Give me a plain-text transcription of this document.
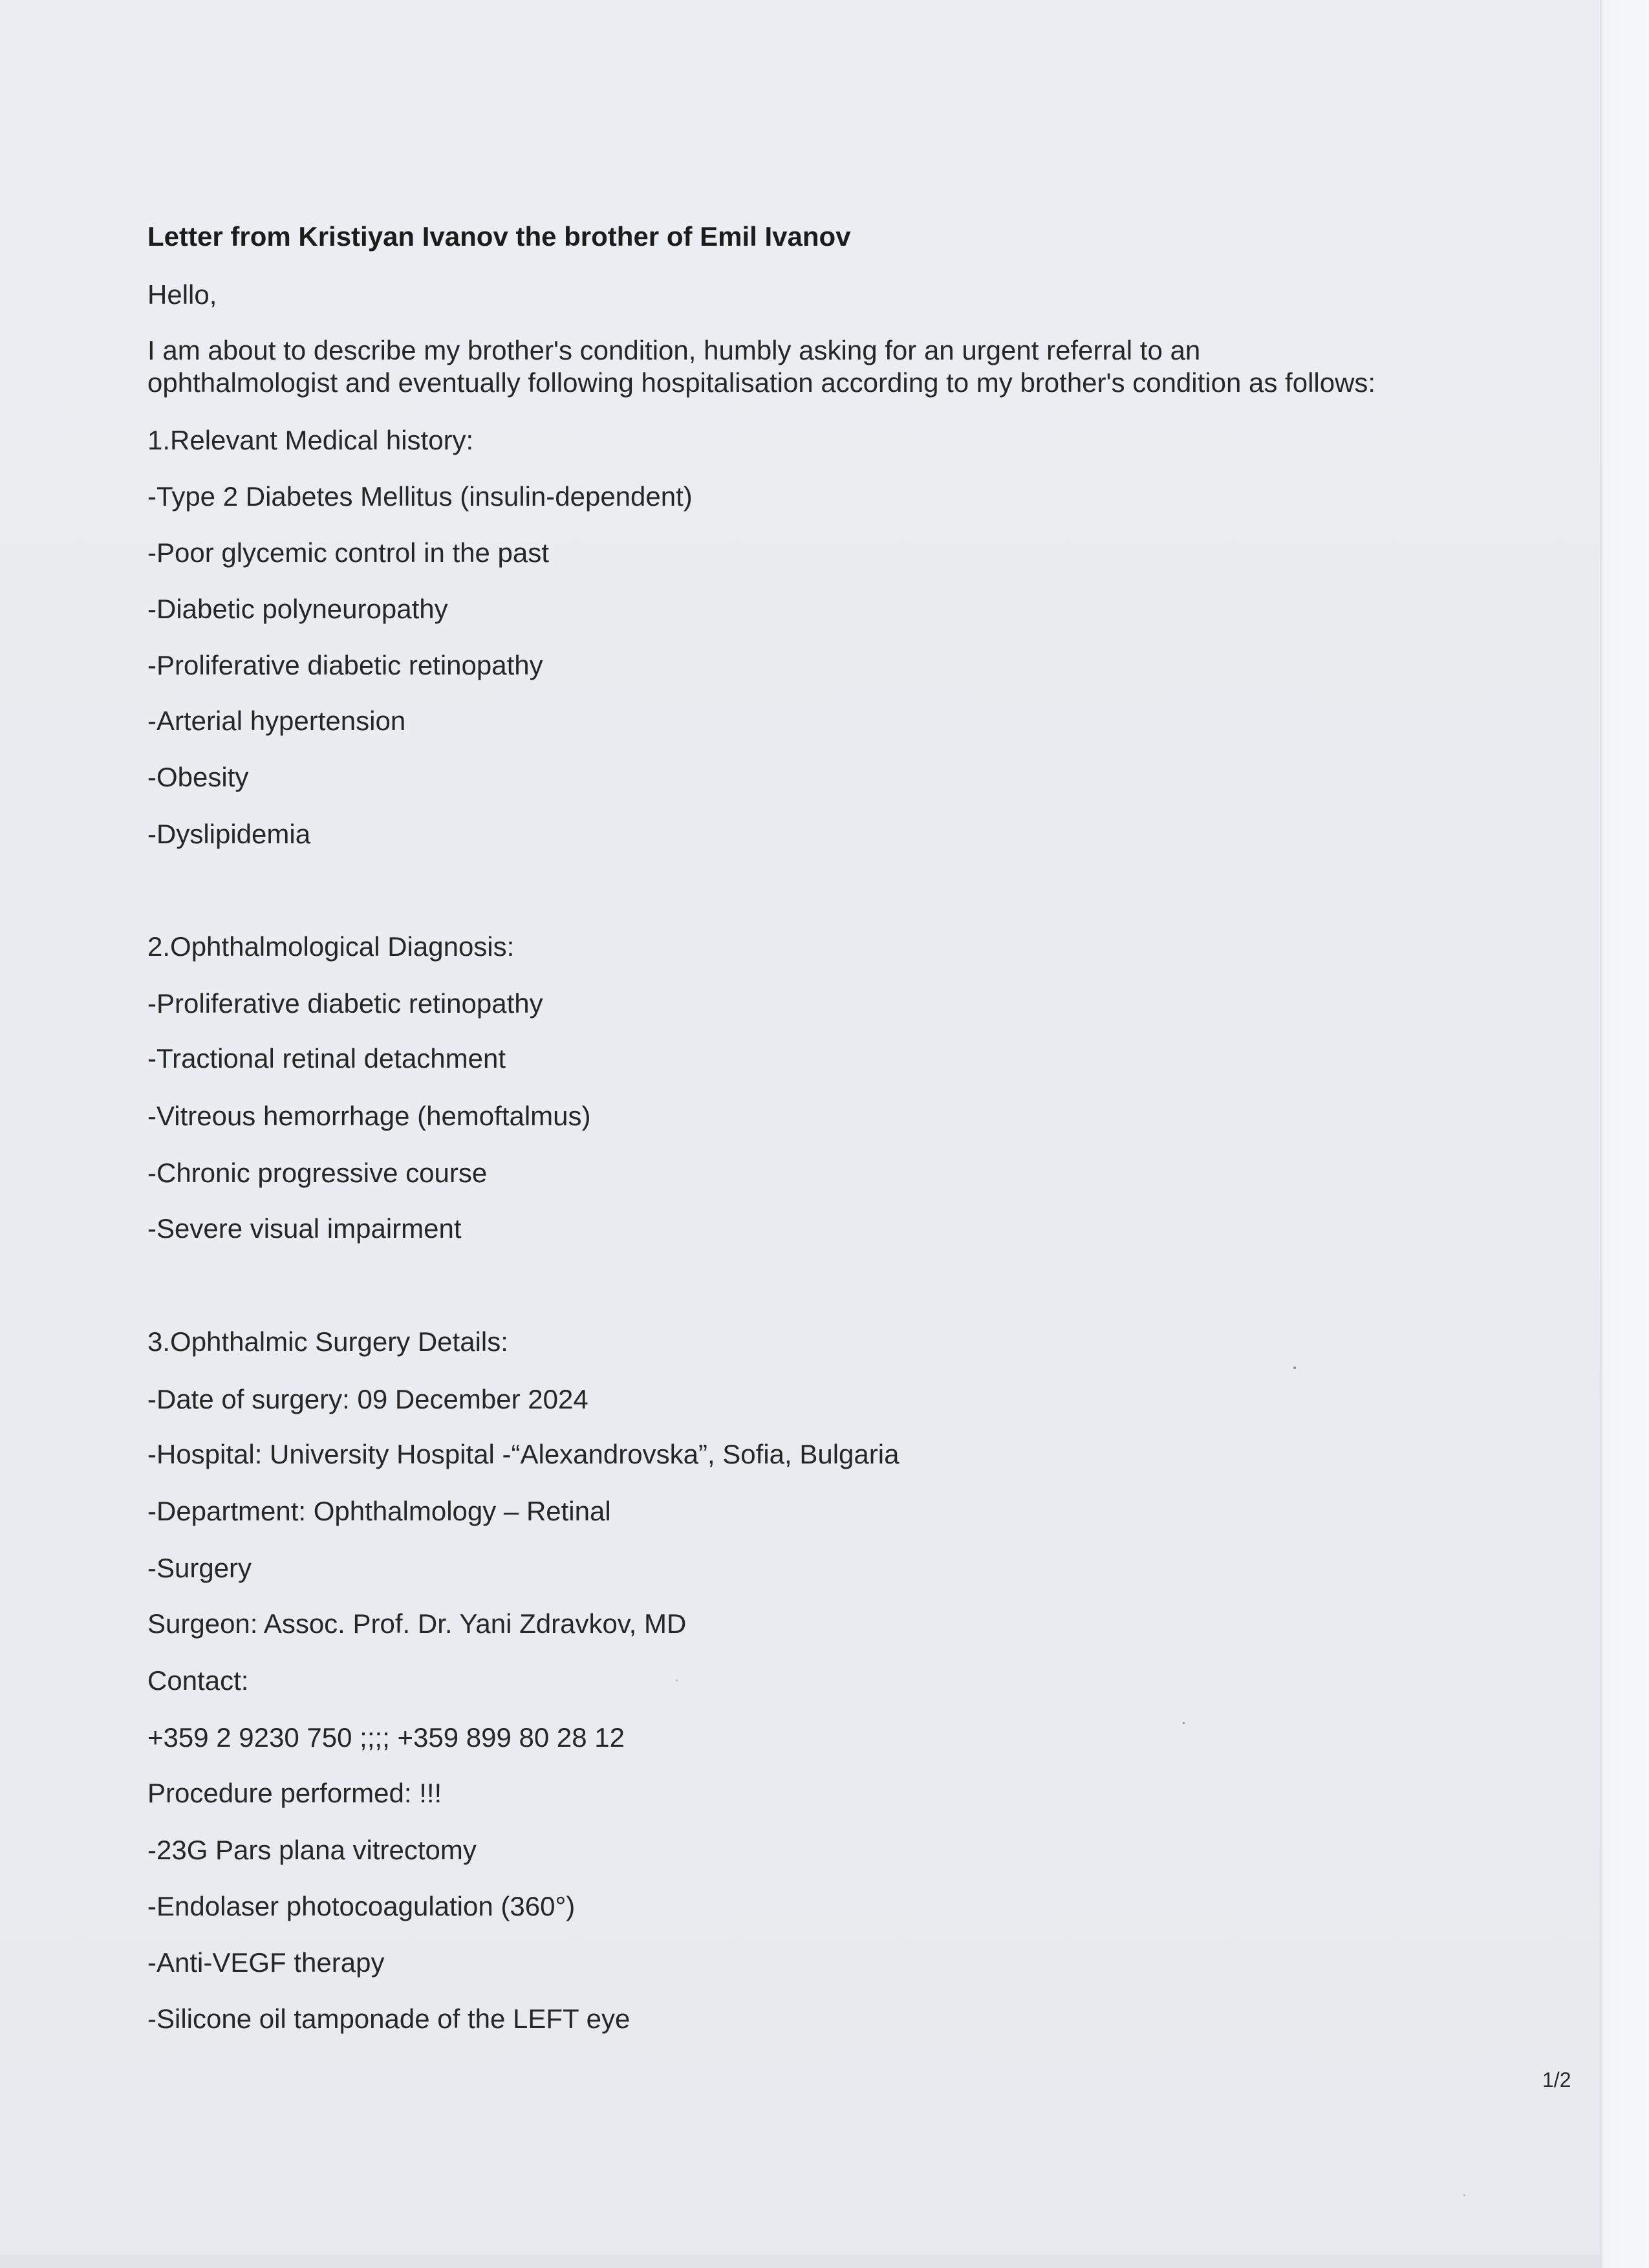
Letter from Kristiyan Ivanov the brother of Emil Ivanov

Hello,

I am about to describe my brother's condition, humbly asking for an urgent referral to an

ophthalmologist and eventually following hospitalisation according to my brother's condition as follows:

1.Relevant Medical history:

-Type 2 Diabetes Mellitus (insulin-dependent)

-Poor glycemic control in the past

-Diabetic polyneuropathy

-Proliferative diabetic retinopathy

-Arterial hypertension

-Obesity

-Dyslipidemia

2.Ophthalmological Diagnosis:

-Proliferative diabetic retinopathy

-Tractional retinal detachment

-Vitreous hemorrhage (hemoftalmus)

-Chronic progressive course

-Severe visual impairment

3.Ophthalmic Surgery Details:

-Date of surgery: 09 December 2024

-Hospital: University Hospital -“Alexandrovska”, Sofia, Bulgaria

-Department: Ophthalmology – Retinal

-Surgery

Surgeon: Assoc. Prof. Dr. Yani Zdravkov, MD

Contact:

+359 2 9230 750 ;;;; +359 899 80 28 12

Procedure performed: !!!

-23G Pars plana vitrectomy

-Endolaser photocoagulation (360°)

-Anti-VEGF therapy

-Silicone oil tamponade of the LEFT eye

1/2
